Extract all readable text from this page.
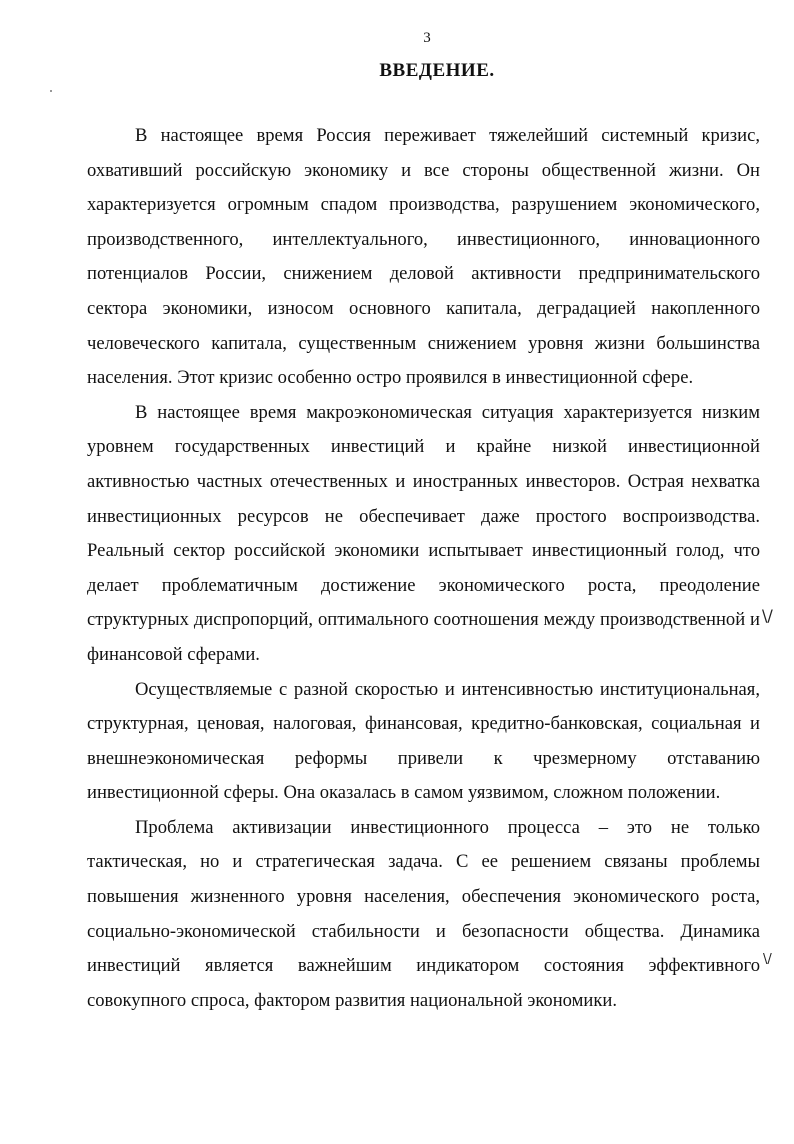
3
ВВЕДЕНИЕ.

В настоящее время Россия переживает тяжелейший системный кризис, охвативший российскую экономику и все стороны общественной жизни. Он характеризуется огромным спадом производства, разрушением экономического, производственного, интеллектуального, инвестиционного, инновационного потенциалов России, снижением деловой активности предпринимательского сектора экономики, износом основного капитала, деградацией накопленного человеческого капитала, существенным снижением уровня жизни большинства населения. Этот кризис особенно остро проявился в инвестиционной сфере.

В настоящее время макроэкономическая ситуация характеризуется низким уровнем государственных инвестиций и крайне низкой инвестиционной активностью частных отечественных и иностранных инвесторов. Острая нехватка инвестиционных ресурсов не обеспечивает даже простого воспроизводства. Реальный сектор российской экономики испытывает инвестиционный голод, что делает проблематичным достижение экономического роста, преодоление структурных диспропорций, оптимального соотношения между производственной и финансовой сферами.

Осуществляемые с разной скоростью и интенсивностью институциональная, структурная, ценовая, налоговая, финансовая, кредитно-банковская, социальная и внешнеэкономическая реформы привели к чрезмерному отставанию инвестиционной сферы. Она оказалась в самом уязвимом, сложном положении.

Проблема активизации инвестиционного процесса – это не только тактическая, но и стратегическая задача. С ее решением связаны проблемы повышения жизненного уровня населения, обеспечения экономического роста, социально-экономической стабильности и безопасности общества. Динамика инвестиций является важнейшим индикатором состояния эффективного совокупного спроса, фактором развития национальной экономики.

\/
\/
